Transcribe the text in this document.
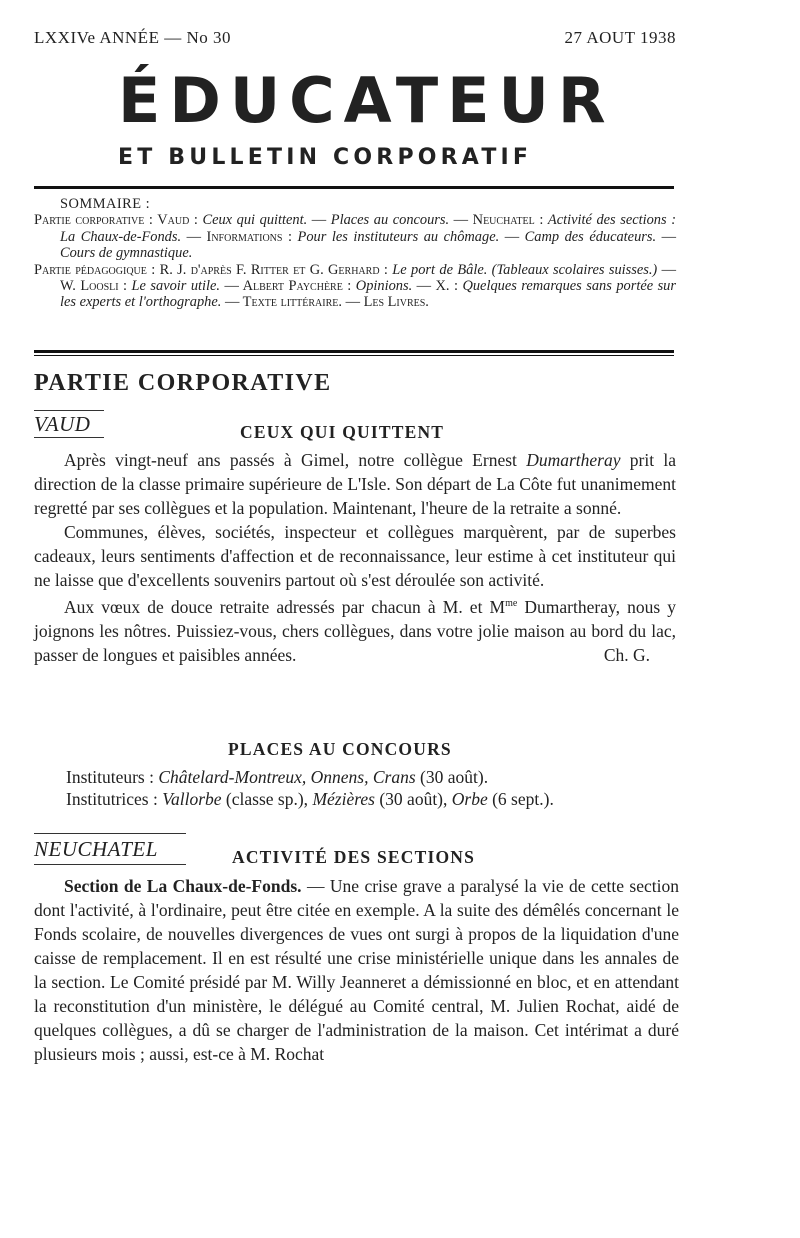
LXXIVe ANNÉE — No 30	27 AOUT 1938
ÉDUCATEUR
ET BULLETIN CORPORATIF
SOMMAIRE :

Partie corporative : Vaud : Ceux qui quittent. — Places au concours. — Neuchatel : Activité des sections : La Chaux-de-Fonds. — Informations : Pour les instituteurs au chômage. — Camp des éducateurs. — Cours de gymnastique.

Partie pédagogique : R. J. d'après F. Ritter et G. Gerhard : Le port de Bâle. (Tableaux scolaires suisses.) — W. Loosli : Le savoir utile. — Albert Paychère : Opinions. — X. : Quelques remarques sans portée sur les experts et l'orthographe. — Texte littéraire. — Les Livres.

PARTIE CORPORATIVE
VAUD	CEUX QUI QUITTENT

Après vingt-neuf ans passés à Gimel, notre collègue Ernest Dumartheray prit la direction de la classe primaire supérieure de L'Isle. Son départ de La Côte fut unanimement regretté par ses collègues et la population. Maintenant, l'heure de la retraite a sonné.

Communes, élèves, sociétés, inspecteur et collègues marquèrent, par de superbes cadeaux, leurs sentiments d'affection et de reconnaissance, leur estime à cet instituteur qui ne laisse que d'excellents souvenirs partout où s'est déroulée son activité.

Aux vœux de douce retraite adressés par chacun à M. et $M^{me}$ Dumartheray, nous y joignons les nôtres. Puissiez-vous, chers collègues, dans votre jolie maison au bord du lac, passer de longues et paisibles années.	Ch. G.

PLACES AU CONCOURS
Instituteurs : Châtelard-Montreux, Onnens, Crans (30 août).
Institutrices : Vallorbe (classe sp.), Mézières (30 août), Orbe (6 sept.).
NEUCHATEL	ACTIVITÉ DES SECTIONS

Section de La Chaux-de-Fonds. — Une crise grave a paralysé la vie de cette section dont l'activité, à l'ordinaire, peut être citée en exemple. A la suite des démêlés concernant le Fonds scolaire, de nouvelles divergences de vues ont surgi à propos de la liquidation d'une caisse de remplacement. Il en est résulté une crise ministérielle unique dans les annales de la section. Le Comité présidé par M. Willy Jeanneret a démissionné en bloc, et en attendant la reconstitution d'un ministère, le délégué au Comité central, M. Julien Rochat, aidé de quelques collègues, a dû se charger de l'administration de la maison. Cet intérimat a duré plusieurs mois ; aussi, est-ce à M. Rochat
